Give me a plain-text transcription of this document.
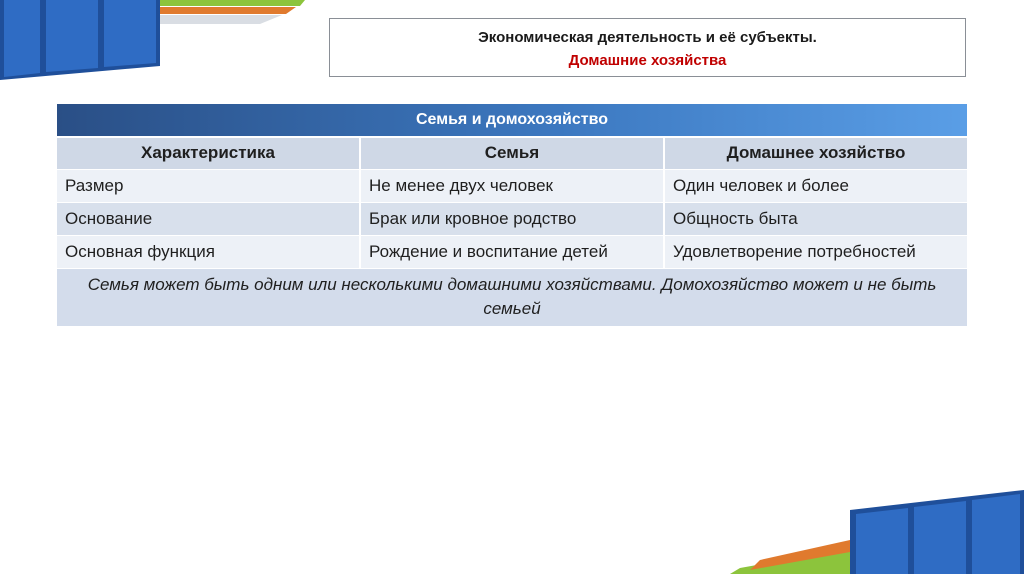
Экономическая деятельность и её субъекты.
Домашние хозяйства
Семья и домохозяйство		
Характеристика	Семья	Домашнее хозяйство
Размер	Не менее двух человек	Один человек и более
Основание	Брак или кровное родство	Общность быта
Основная функция	Рождение и воспитание детей	Удовлетворение потребностей
Семья может быть одним или несколькими домашними хозяйствами. Домохозяйство может и не быть семьей		
